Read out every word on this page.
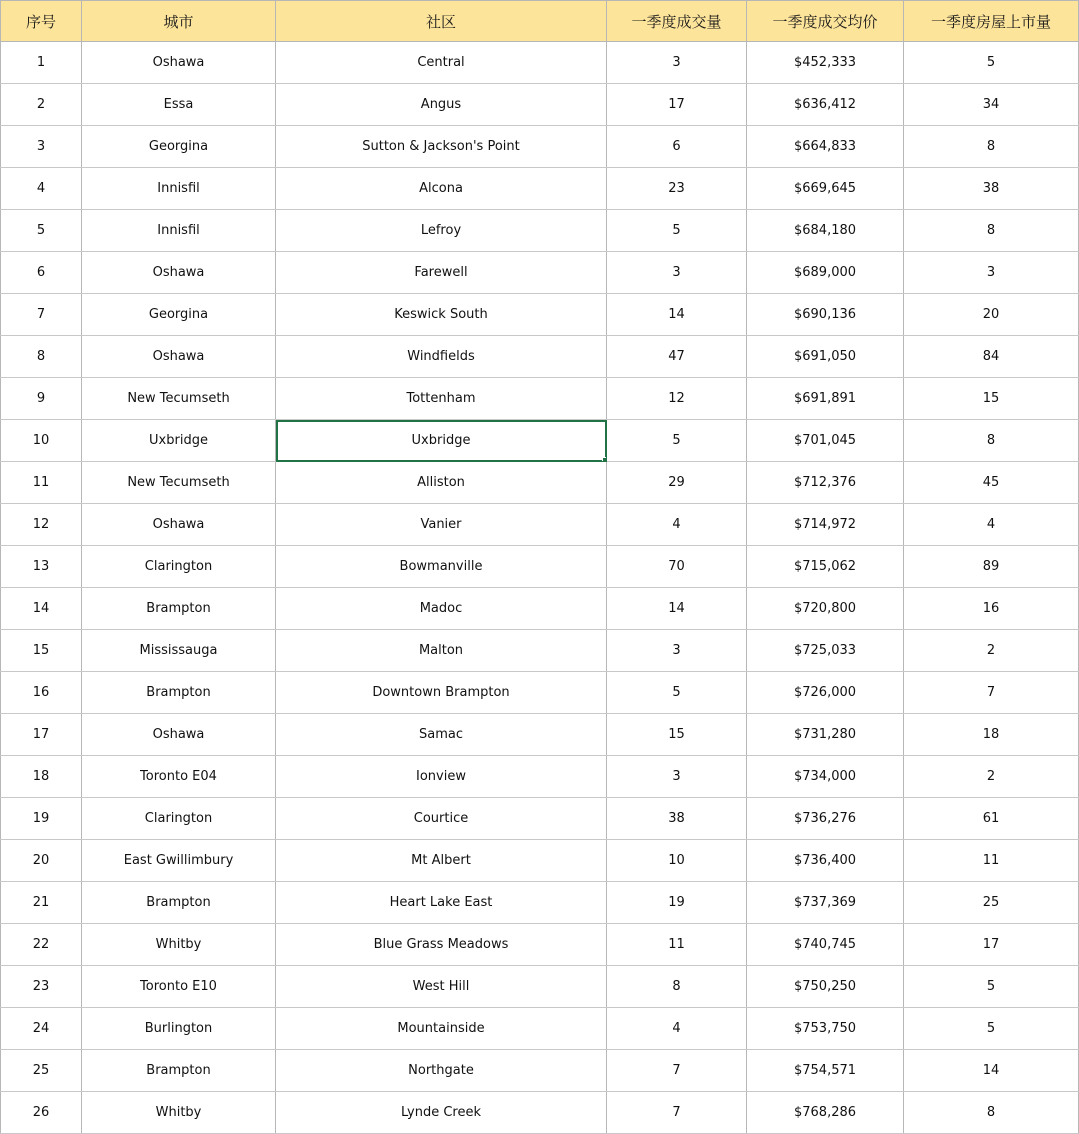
序号	城市	社区	一季度成交量	一季度成交均价	一季度房屋上市量
1	Oshawa	Central	3	$452,333	5
2	Essa	Angus	17	$636,412	34
3	Georgina	Sutton & Jackson's Point	6	$664,833	8
4	Innisfil	Alcona	23	$669,645	38
5	Innisfil	Lefroy	5	$684,180	8
6	Oshawa	Farewell	3	$689,000	3
7	Georgina	Keswick South	14	$690,136	20
8	Oshawa	Windfields	47	$691,050	84
9	New Tecumseth	Tottenham	12	$691,891	15
10	Uxbridge	Uxbridge	5	$701,045	8
11	New Tecumseth	Alliston	29	$712,376	45
12	Oshawa	Vanier	4	$714,972	4
13	Clarington	Bowmanville	70	$715,062	89
14	Brampton	Madoc	14	$720,800	16
15	Mississauga	Malton	3	$725,033	2
16	Brampton	Downtown Brampton	5	$726,000	7
17	Oshawa	Samac	15	$731,280	18
18	Toronto E04	Ionview	3	$734,000	2
19	Clarington	Courtice	38	$736,276	61
20	East Gwillimbury	Mt Albert	10	$736,400	11
21	Brampton	Heart Lake East	19	$737,369	25
22	Whitby	Blue Grass Meadows	11	$740,745	17
23	Toronto E10	West Hill	8	$750,250	5
24	Burlington	Mountainside	4	$753,750	5
25	Brampton	Northgate	7	$754,571	14
26	Whitby	Lynde Creek	7	$768,286	8
